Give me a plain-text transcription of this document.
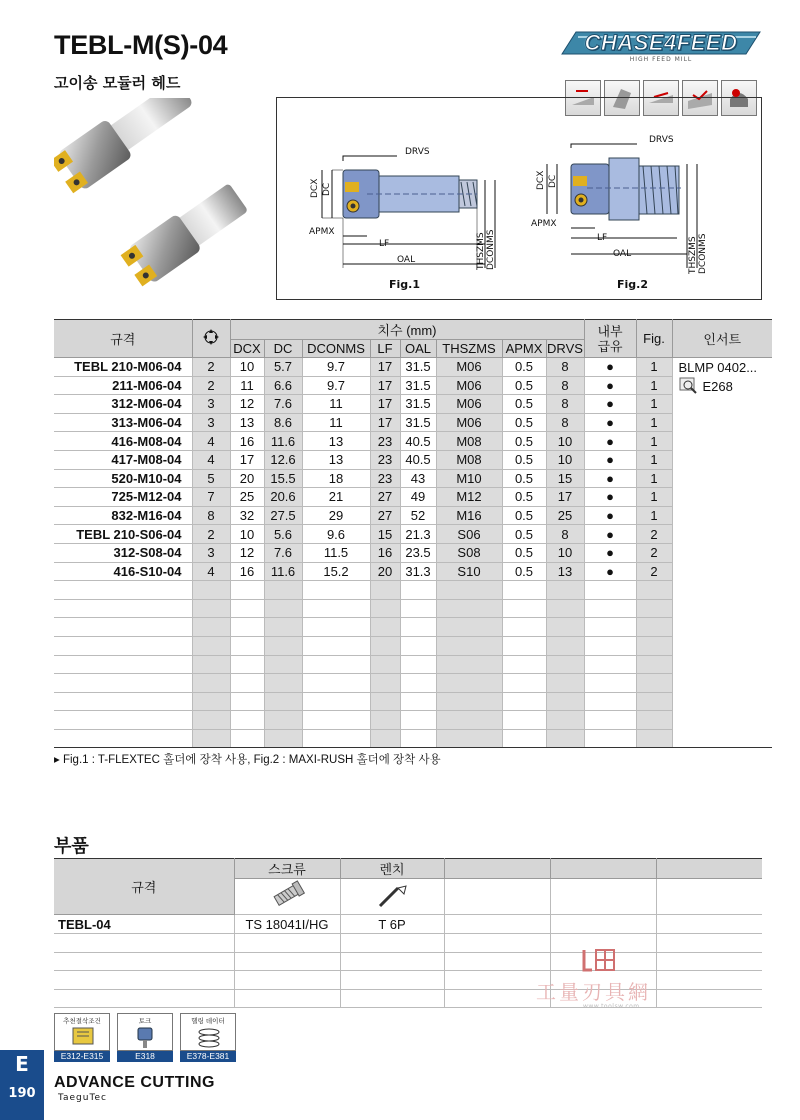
TEBL-M(S)-04
고이송 모듈러 헤드
CHASE4FEED
HIGH FEED MILL
DRVS
DCX DC
APMX
LF
OAL	THSZMS DCONMS
Fig.1
DRVS
DCX DC
APMX
LF
OAL	THSZMS DCONMS
Fig.2
규격		치수 (mm)								내부
급유	Fig.	인서트
		DCX	DC	DCONMS	LF	OAL	THSZMS	APMX	DRVS			
TEBL 210-M06-04	2	10	5.7	9.7	17	31.5	M06	0.5	8	●	1	BLMP 0402...
E268

211-M06-04	2	11	6.6	9.7	17	31.5	M06	0.5	8	●	1	
312-M06-04	3	12	7.6	11	17	31.5	M06	0.5	8	●	1	
313-M06-04	3	13	8.6	11	17	31.5	M06	0.5	8	●	1	
416-M08-04	4	16	11.6	13	23	40.5	M08	0.5	10	●	1	
417-M08-04	4	17	12.6	13	23	40.5	M08	0.5	10	●	1	
520-M10-04	5	20	15.5	18	23	43	M10	0.5	15	●	1	
725-M12-04	7	25	20.6	21	27	49	M12	0.5	17	●	1	
832-M16-04	8	32	27.5	29	27	52	M16	0.5	25	●	1	
TEBL 210-S06-04	2	10	5.6	9.6	15	21.3	S06	0.5	8	●	2	
312-S08-04	3	12	7.6	11.5	16	23.5	S08	0.5	10	●	2	
416-S10-04	4	16	11.6	15.2	20	31.3	S10	0.5	13	●	2	

▸ Fig.1 : T-FLEXTEC 홀더에 장착 사용, Fig.2 : MAXI-RUSH 홀더에 장착 사용
부품
규격	스크류	렌치			

TEBL-04	TS 18041I/HG	T 6P			

工量刃具網
www.toolsw.com
추천절삭조건
E312-E315
토크
E318
헬링 데이터
E378-E381
E
190
ADVANCE CUTTING
TaeguTec
